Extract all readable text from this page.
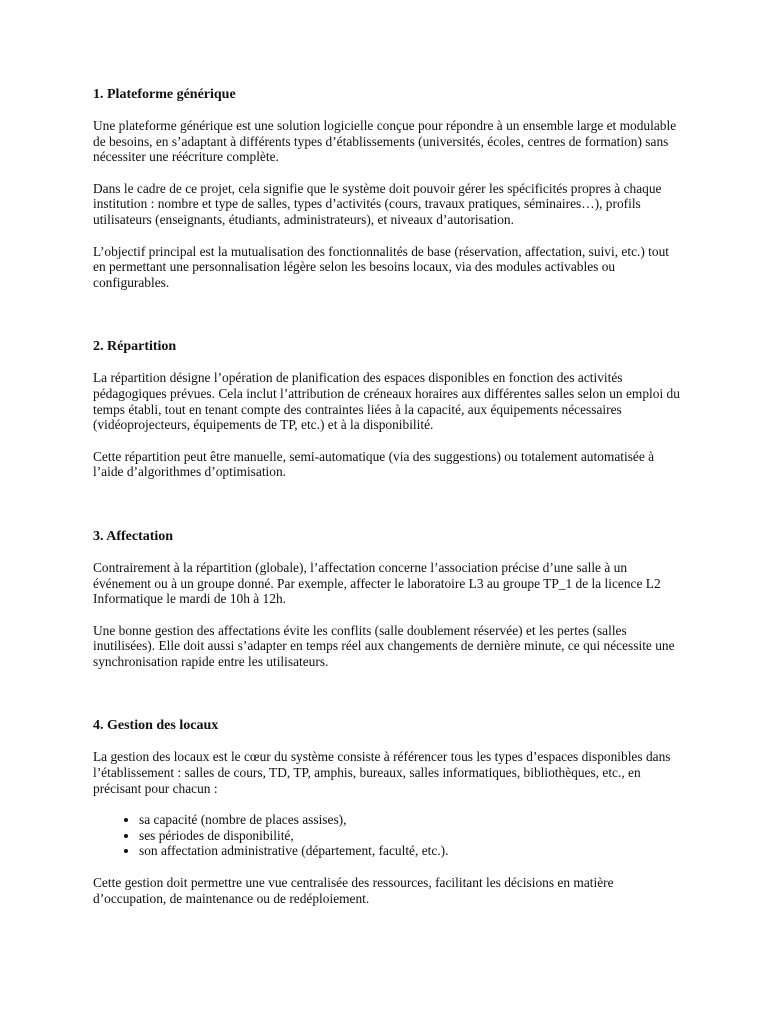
1. Plateforme générique

Une plateforme générique est une solution logicielle conçue pour répondre à un ensemble large et modulable de besoins, en s’adaptant à différents types d’établissements (universités, écoles, centres de formation) sans nécessiter une réécriture complète.

Dans le cadre de ce projet, cela signifie que le système doit pouvoir gérer les spécificités propres à chaque institution : nombre et type de salles, types d’activités (cours, travaux pratiques, séminaires…), profils utilisateurs (enseignants, étudiants, administrateurs), et niveaux d’autorisation.

L’objectif principal est la mutualisation des fonctionnalités de base (réservation, affectation, suivi, etc.) tout en permettant une personnalisation légère selon les besoins locaux, via des modules activables ou configurables.

2. Répartition

La répartition désigne l’opération de planification des espaces disponibles en fonction des activités pédagogiques prévues. Cela inclut l’attribution de créneaux horaires aux différentes salles selon un emploi du temps établi, tout en tenant compte des contraintes liées à la capacité, aux équipements nécessaires (vidéoprojecteurs, équipements de TP, etc.) et à la disponibilité.

Cette répartition peut être manuelle, semi-automatique (via des suggestions) ou totalement automatisée à l’aide d’algorithmes d’optimisation.

3. Affectation

Contrairement à la répartition (globale), l’affectation concerne l’association précise d’une salle à un événement ou à un groupe donné. Par exemple, affecter le laboratoire L3 au groupe TP_1 de la licence L2 Informatique le mardi de 10h à 12h.

Une bonne gestion des affectations évite les conflits (salle doublement réservée) et les pertes (salles inutilisées). Elle doit aussi s’adapter en temps réel aux changements de dernière minute, ce qui nécessite une synchronisation rapide entre les utilisateurs.

4. Gestion des locaux

La gestion des locaux est le cœur du système consiste à référencer tous les types d’espaces disponibles dans l’établissement : salles de cours, TD, TP, amphis, bureaux, salles informatiques, bibliothèques, etc., en précisant pour chacun :

• sa capacité (nombre de places assises),
• ses périodes de disponibilité,
• son affectation administrative (département, faculté, etc.).

Cette gestion doit permettre une vue centralisée des ressources, facilitant les décisions en matière d’occupation, de maintenance ou de redéploiement.
